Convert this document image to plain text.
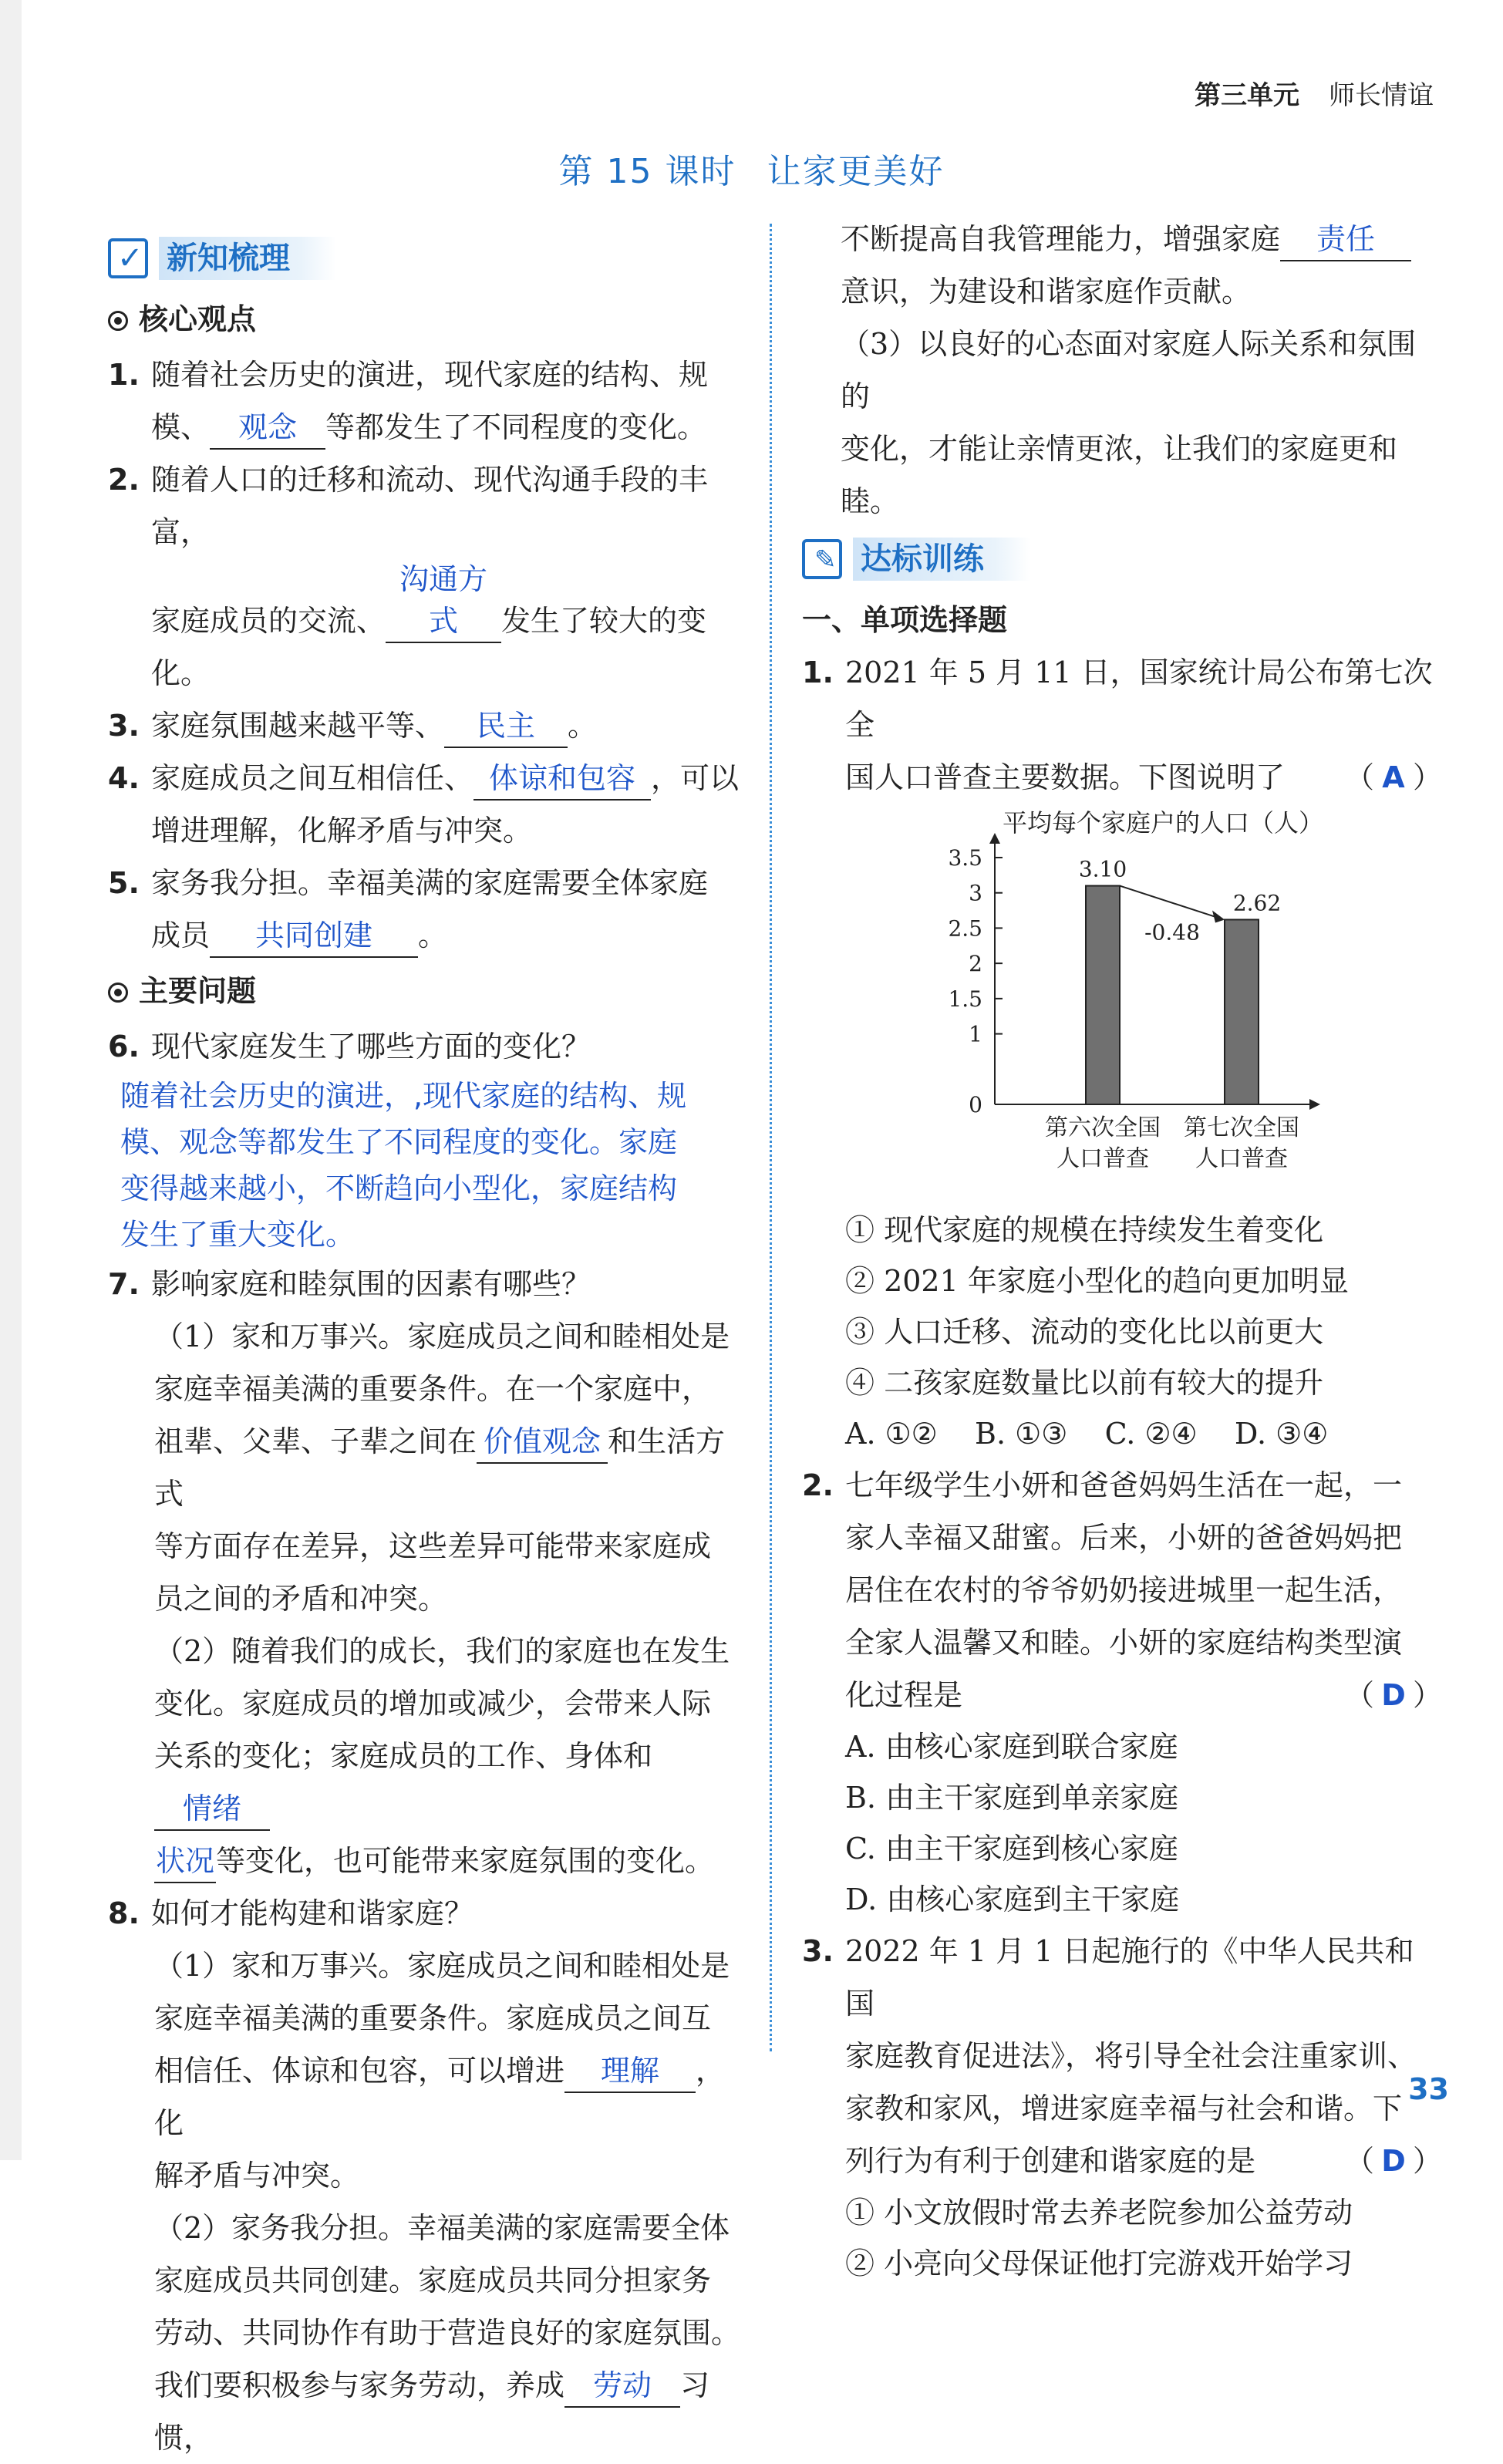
第三单元 师长情谊
第 15 课时 让家更美好
✓ 新知梳理
核心观点
1. 随着社会历史的演进，现代家庭的结构、规
模、 观念 等都发生了不同程度的变化。
2. 随着人口的迁移和流动、现代沟通手段的丰富，
家庭成员的交流、沟通方式 发生了较大的变化。
3. 家庭氛围越来越平等、 民主 。
4. 家庭成员之间互相信任、 体谅和包容 ，可以
增进理解，化解矛盾与冲突。
5. 家务我分担。幸福美满的家庭需要全体家庭
成员 共同创建 。
主要问题
6. 现代家庭发生了哪些方面的变化？
随着社会历史的演进，,现代家庭的结构、规
模、观念等都发生了不同程度的变化。家庭
变得越来越小，不断趋向小型化，家庭结构
发生了重大变化。
7. 影响家庭和睦氛围的因素有哪些？
（1）家和万事兴。家庭成员之间和睦相处是
家庭幸福美满的重要条件。在一个家庭中，
祖辈、父辈、子辈之间在 价值观念 和生活方式
等方面存在差异，这些差异可能带来家庭成
员之间的矛盾和冲突。
（2）随着我们的成长，我们的家庭也在发生
变化。家庭成员的增加或减少，会带来人际
关系的变化；家庭成员的工作、身体和情绪
状况等变化，也可能带来家庭氛围的变化。
8. 如何才能构建和谐家庭？
（1）家和万事兴。家庭成员之间和睦相处是
家庭幸福美满的重要条件。家庭成员之间互
相信任、体谅和包容，可以增进 理解 ，化
解矛盾与冲突。
（2）家务我分担。幸福美满的家庭需要全体
家庭成员共同创建。家庭成员共同分担家务
劳动、共同协作有助于营造良好的家庭氛围。
我们要积极参与家务劳动，养成 劳动 习惯，
不断提高自我管理能力，增强家庭 责任
意识，为建设和谐家庭作贡献。
（3）以良好的心态面对家庭人际关系和氛围的
变化，才能让亲情更浓，让我们的家庭更和睦。
✎ 达标训练
一、单项选择题
1. 2021 年 5 月 11 日，国家统计局公布第七次全
国人口普查主要数据。下图说明了 （ A ）
平均每个家庭户的人口（人）
0
1
1.5
2
2.5
3
3.5	3.10
第六次全国
人口普查
2.62
第七次全国
人口普查
-0.48
① 现代家庭的规模在持续发生着变化
② 2021 年家庭小型化的趋向更加明显
③ 人口迁移、流动的变化比以前更大
④ 二孩家庭数量比以前有较大的提升
A. ①②    B. ①③    C. ②④    D. ③④
2. 七年级学生小妍和爸爸妈妈生活在一起，一
家人幸福又甜蜜。后来，小妍的爸爸妈妈把
居住在农村的爷爷奶奶接进城里一起生活，
全家人温馨又和睦。小妍的家庭结构类型演
化过程是	（ D ）
A. 由核心家庭到联合家庭
B. 由主干家庭到单亲家庭
C. 由主干家庭到核心家庭
D. 由核心家庭到主干家庭
3. 2022 年 1 月 1 日起施行的《中华人民共和国
家庭教育促进法》，将引导全社会注重家训、
家教和家风，增进家庭幸福与社会和谐。下
列行为有利于创建和谐家庭的是	（ D ）
① 小文放假时常去养老院参加公益劳动
② 小亮向父母保证他打完游戏开始学习
33
